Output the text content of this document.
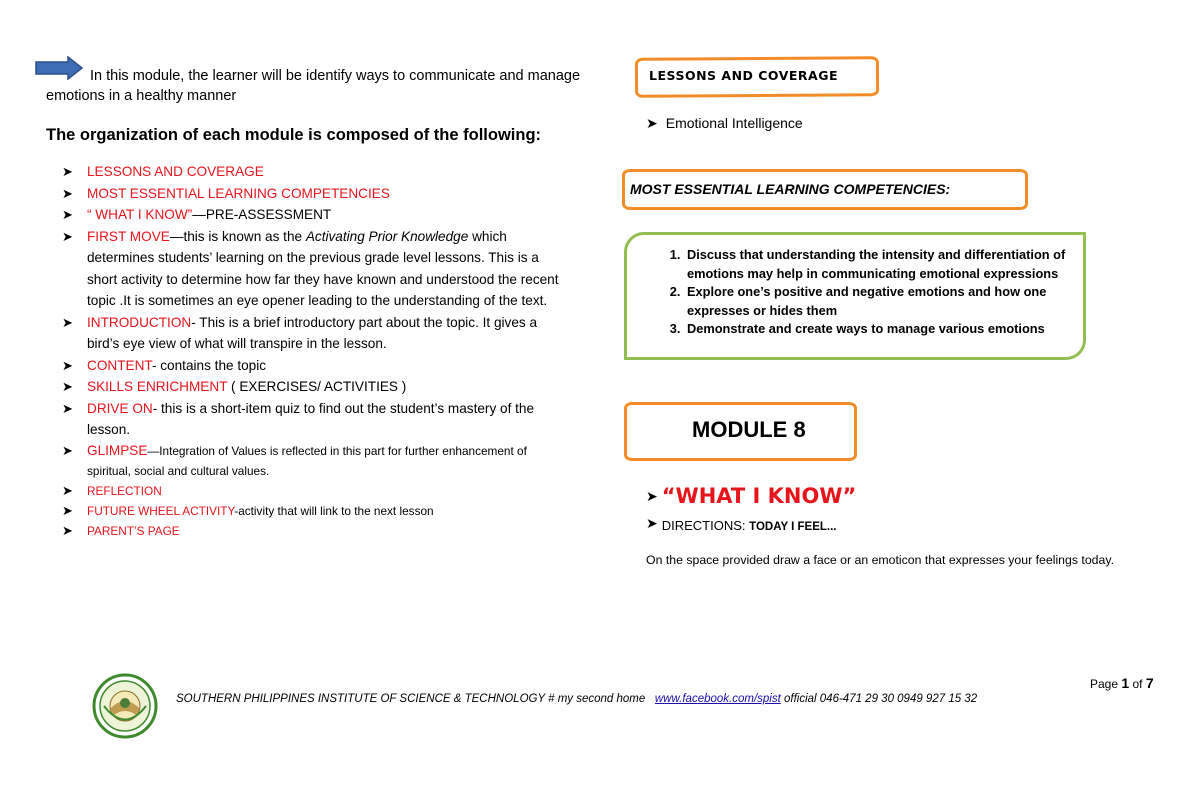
In this module, the learner will be identify ways to communicate and manage
emotions in a healthy manner
The organization of each module is composed of the following:
➤ LESSONS AND COVERAGE
➤ MOST ESSENTIAL LEARNING COMPETENCIES
➤ “ WHAT I KNOW”—PRE-ASSESSMENT
➤ FIRST MOVE—this is known as the Activating Prior Knowledge which determines students’ learning on the previous grade level lessons. This is a short activity to determine how far they have known and understood the recent topic .It is sometimes an eye opener leading to the understanding of the text.
➤ INTRODUCTION- This is a brief introductory part about the topic. It gives a bird’s eye view of what will transpire in the lesson.
➤ CONTENT- contains the topic
➤ SKILLS ENRICHMENT ( EXERCISES/ ACTIVITIES )
➤ DRIVE ON- this is a short-item quiz to find out the student’s mastery of the lesson.
➤ GLIMPSE—Integration of Values is reflected in this part for further enhancement of spiritual, social and cultural values.
➤ REFLECTION
➤ FUTURE WHEEL ACTIVITY-activity that will link to the next lesson
➤ PARENT’S PAGE
LESSONS AND COVERAGE
➤ Emotional Intelligence
MOST ESSENTIAL LEARNING COMPETENCIES:
1. Discuss that understanding the intensity and differentiation of emotions may help in communicating emotional expressions
2. Explore one’s positive and negative emotions and how one expresses or hides them
3. Demonstrate and create ways to manage various emotions
MODULE 8
➤ “WHAT I KNOW”
➤ DIRECTIONS: TODAY I FEEL...
On the space provided draw a face or an emoticon that expresses your feelings today.
Page 1 of 7
SOUTHERN PHILIPPINES INSTITUTE OF SCIENCE & TECHNOLOGY # my second home www.facebook.com/spist official 046-471 29 30 0949 927 15 32
